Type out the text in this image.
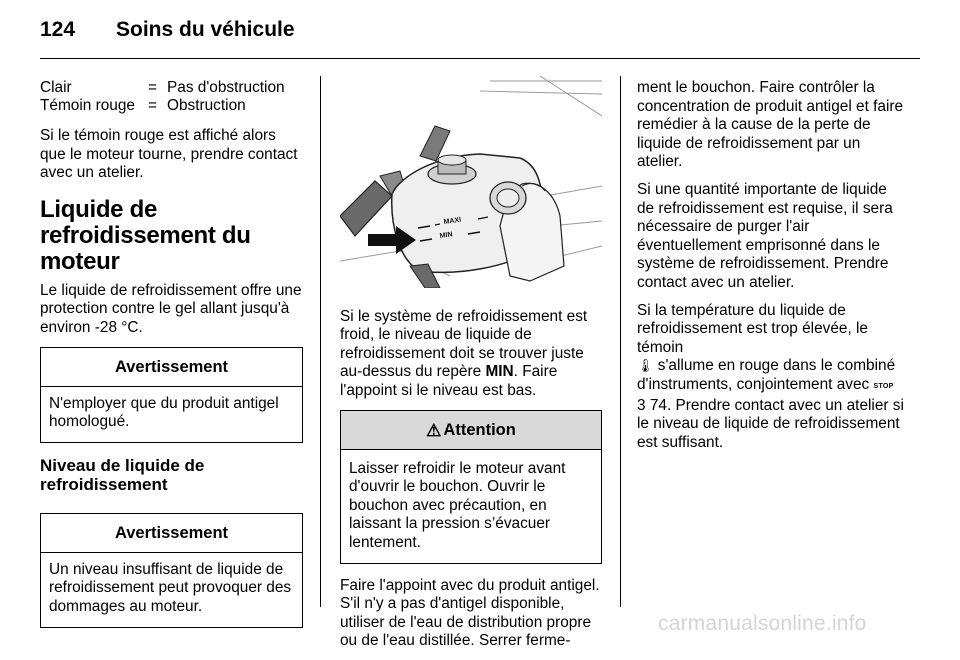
124 Soins du véhicule
Clair	= Pas d'obstruction
Témoin rouge = Obstruction

Si le témoin rouge est affiché alors que le moteur tourne, prendre contact avec un atelier.

Liquide de refroidissement du moteur

Le liquide de refroidissement offre une protection contre le gel allant jusqu'à environ -28 °C.

Avertissement
N'employer que du produit antigel homologué.
Niveau de liquide de refroidissement
Avertissement
Un niveau insuffisant de liquide de refroidissement peut provoquer des dommages au moteur.
MAXI
MIN

Si le système de refroidissement est froid, le niveau de liquide de refroidissement doit se trouver juste au-dessus du repère MIN. Faire l'appoint si le niveau est bas.

⚠ Attention
Laisser refroidir le moteur avant d'ouvrir le bouchon. Ouvrir le bouchon avec précaution, en laissant la pression s’évacuer lentement.

Faire l'appoint avec du produit antigel. S'il n'y a pas d'antigel disponible, utiliser de l'eau de distribution propre ou de l'eau distillée. Serrer ferme-

ment le bouchon. Faire contrôler la concentration de produit antigel et faire remédier à la cause de la perte de liquide de refroidissement par un atelier.

Si une quantité importante de liquide de refroidissement est requise, il sera nécessaire de purger l'air éventuellement emprisonné dans le système de refroidissement. Prendre contact avec un atelier.

Si la température du liquide de refroidissement est trop élevée, le témoin
🌡 s'allume en rouge dans le combiné d'instruments, conjointement avec STOP
3 74. Prendre contact avec un atelier si le niveau de liquide de refroidissement est suffisant.

carmanualsonline.info
